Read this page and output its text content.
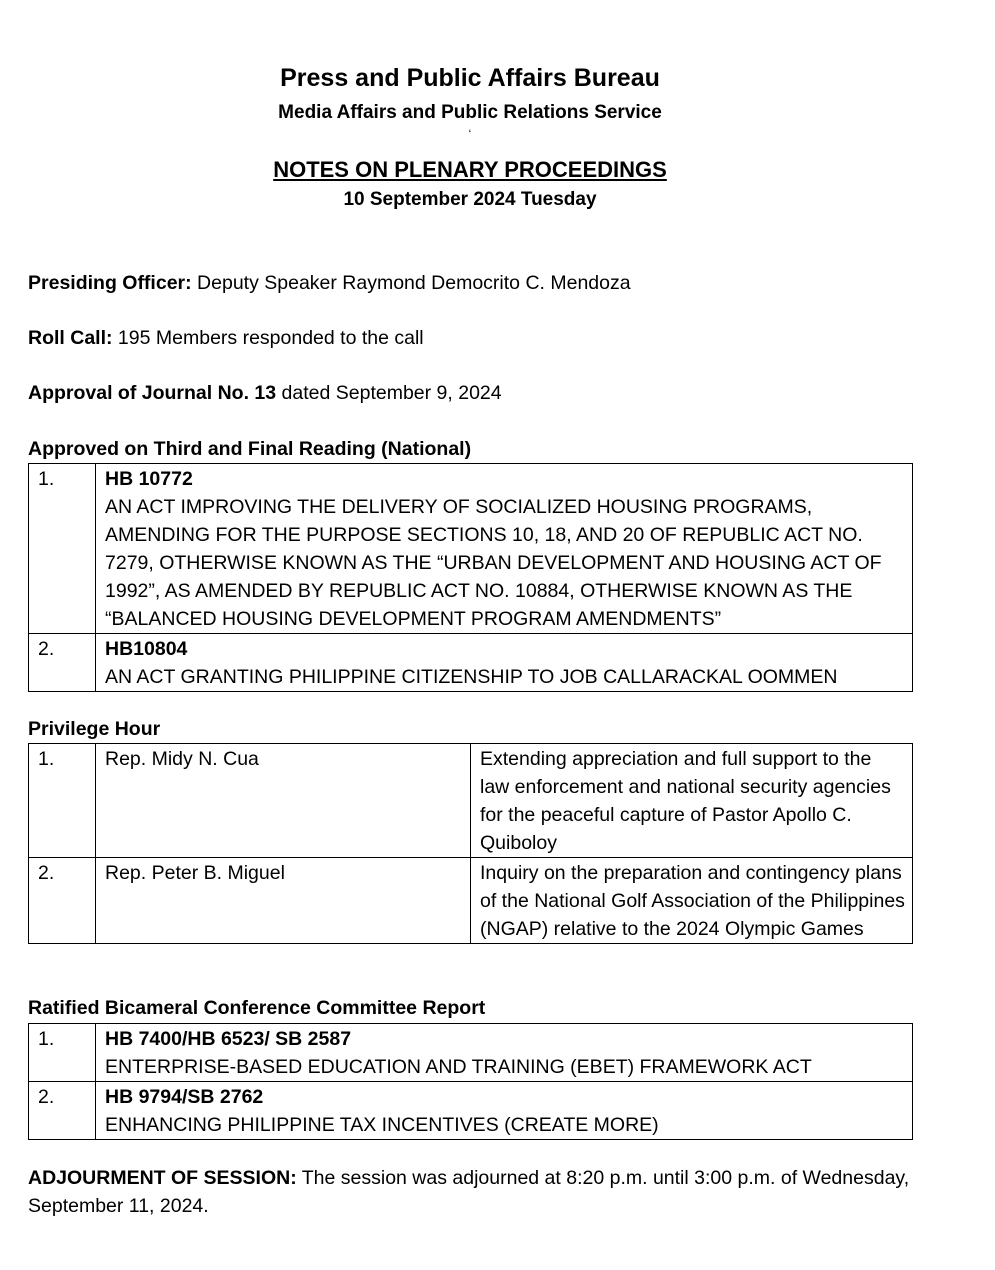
Press and Public Affairs Bureau
Media Affairs and Public Relations Service
‘
NOTES ON PLENARY PROCEEDINGS
10 September 2024 Tuesday
Presiding Officer: Deputy Speaker Raymond Democrito C. Mendoza
Roll Call: 195 Members responded to the call
Approval of Journal No. 13 dated September 9, 2024
Approved on Third and Final Reading (National)
1.	HB 10772
AN ACT IMPROVING THE DELIVERY OF SOCIALIZED HOUSING PROGRAMS, AMENDING FOR THE PURPOSE SECTIONS 10, 18, AND 20 OF REPUBLIC ACT NO. 7279, OTHERWISE KNOWN AS THE “URBAN DEVELOPMENT AND HOUSING ACT OF 1992”, AS AMENDED BY REPUBLIC ACT NO. 10884, OTHERWISE KNOWN AS THE “BALANCED HOUSING DEVELOPMENT PROGRAM AMENDMENTS”

2.	HB10804
AN ACT GRANTING PHILIPPINE CITIZENSHIP TO JOB CALLARACKAL OOMMEN
Privilege Hour
1.	Rep. Midy N. Cua	Extending appreciation and full support to the law enforcement and national security agencies for the peaceful capture of Pastor Apollo C. Quiboloy
2.	Rep. Peter B. Miguel	Inquiry on the preparation and contingency plans of the National Golf Association of the Philippines (NGAP) relative to the 2024 Olympic Games
Ratified Bicameral Conference Committee Report
1.	HB 7400/HB 6523/ SB 2587
ENTERPRISE-BASED EDUCATION AND TRAINING (EBET) FRAMEWORK ACT

2.	HB 9794/SB 2762
ENHANCING PHILIPPINE TAX INCENTIVES (CREATE MORE)
ADJOURMENT OF SESSION: The session was adjourned at 8:20 p.m. until 3:00 p.m. of Wednesday, September 11, 2024.
